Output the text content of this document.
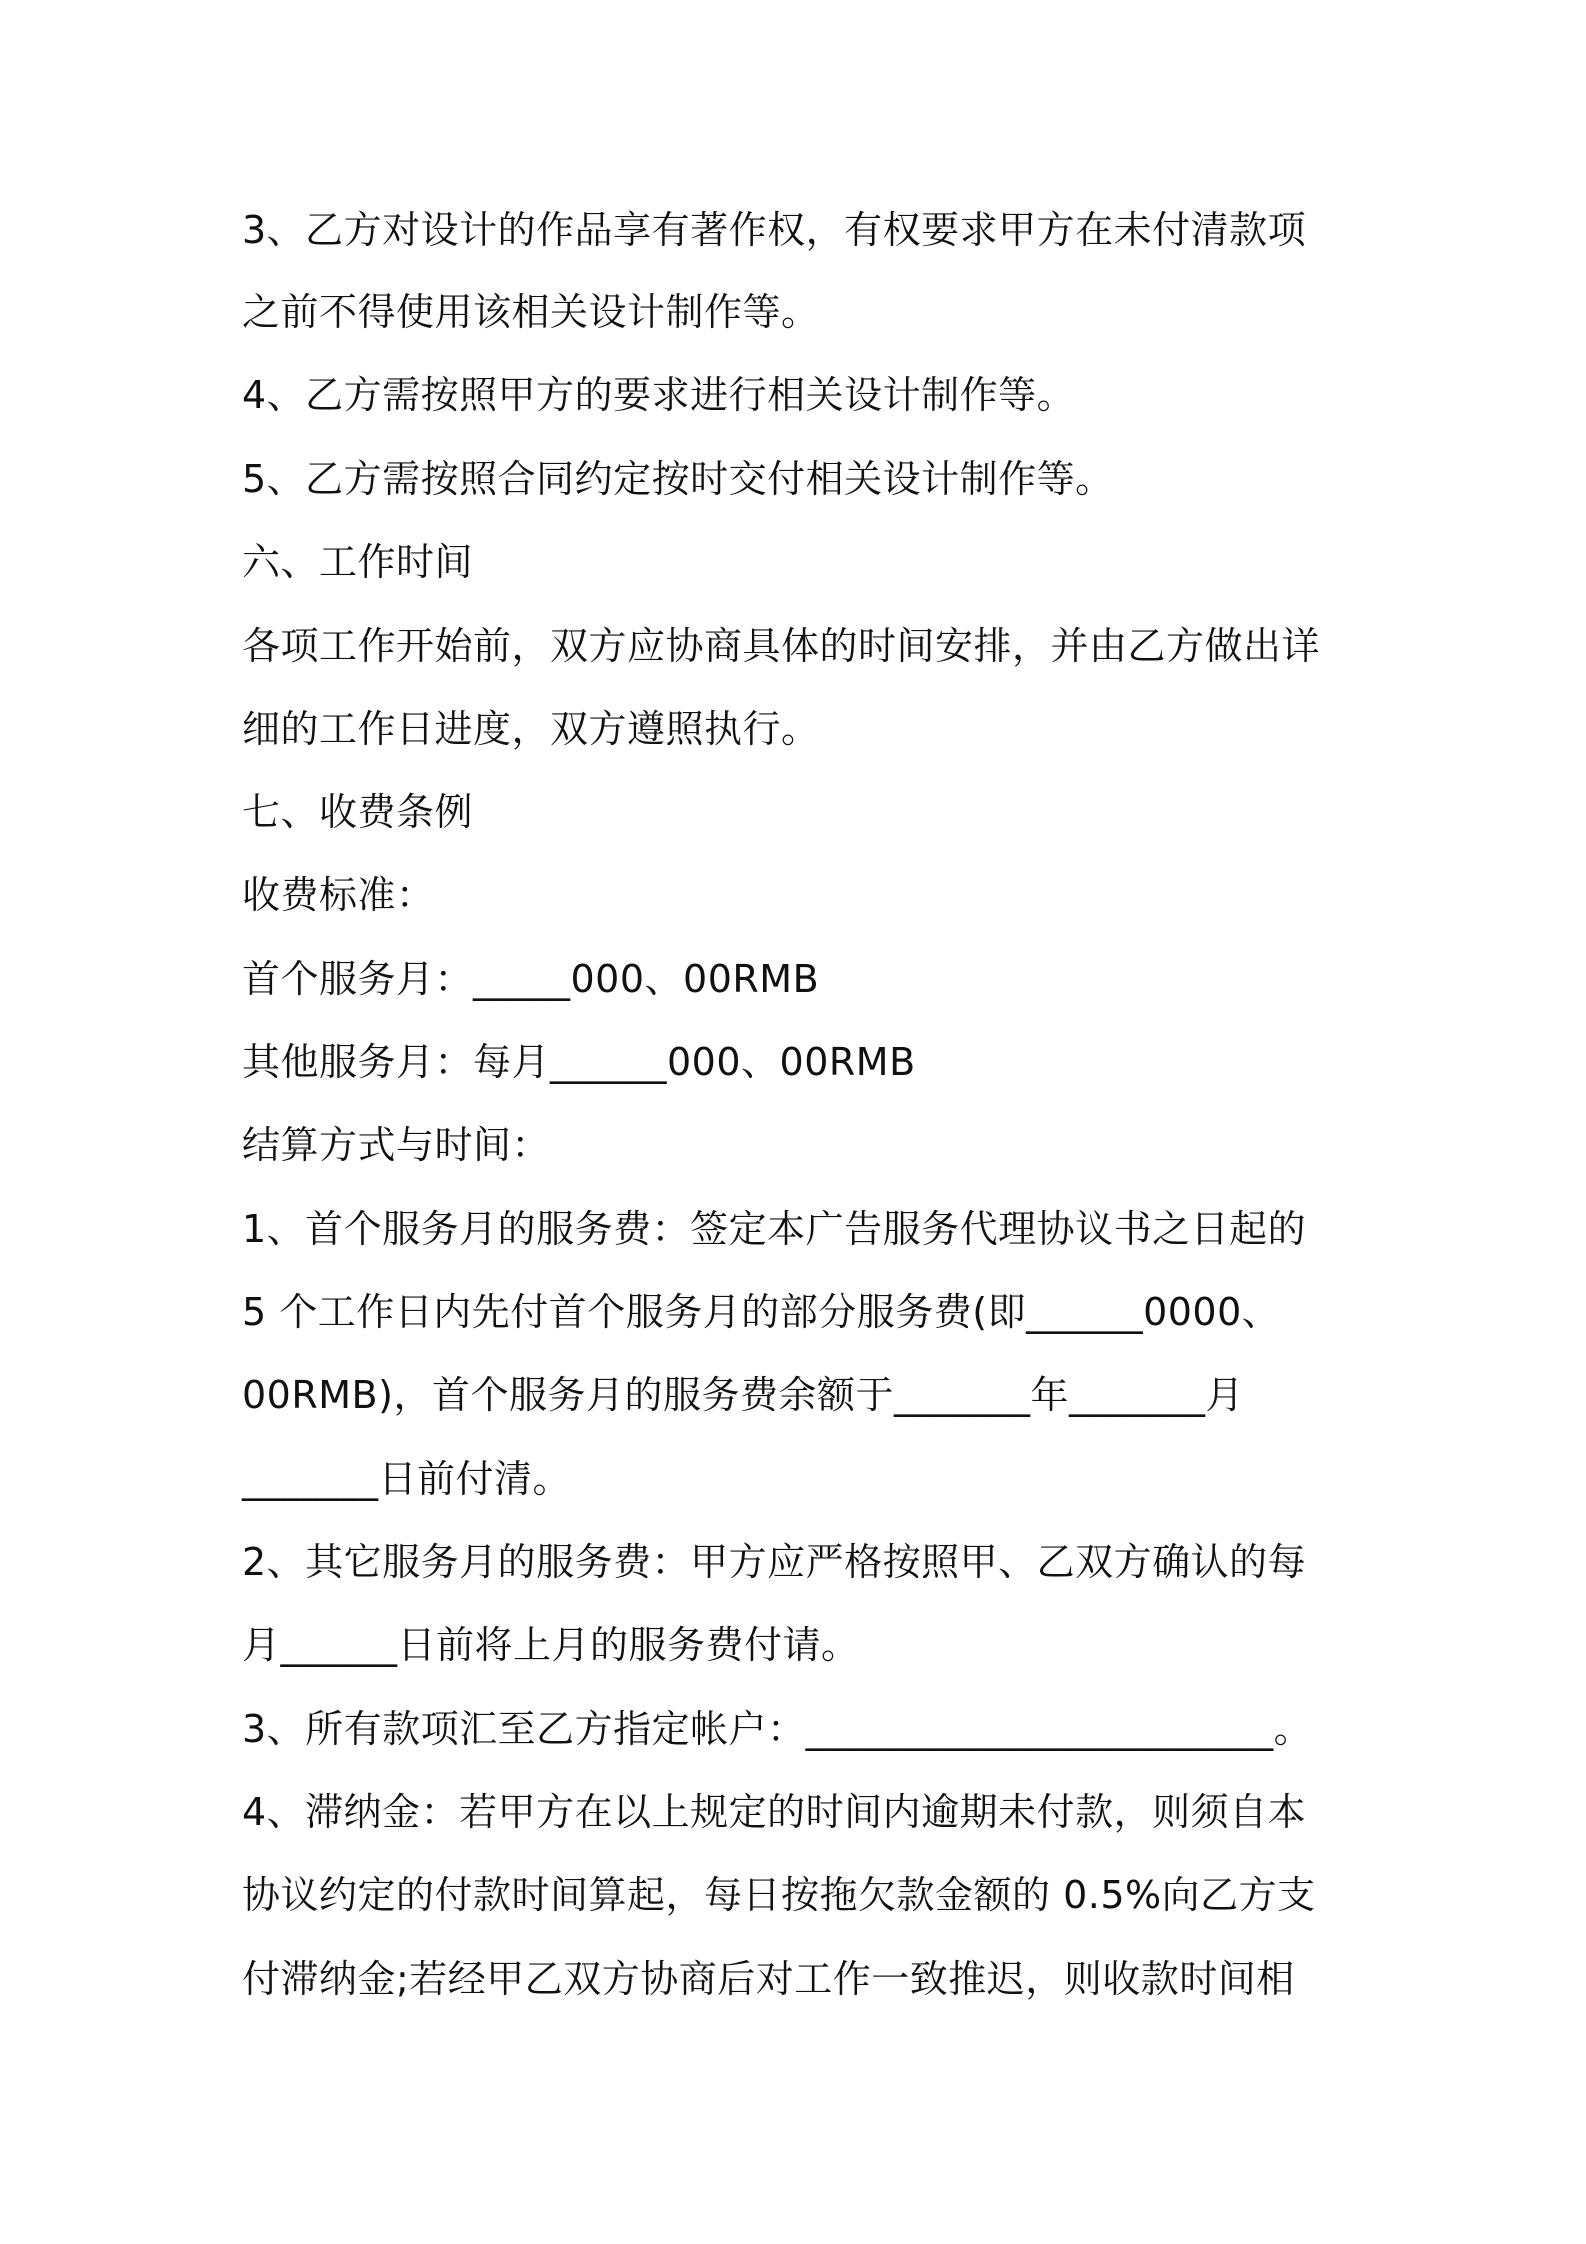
3、乙方对设计的作品享有著作权，有权要求甲方在未付清款项
之前不得使用该相关设计制作等。
4、乙方需按照甲方的要求进行相关设计制作等。
5、乙方需按照合同约定按时交付相关设计制作等。
六、工作时间
各项工作开始前，双方应协商具体的时间安排，并由乙方做出详
细的工作日进度，双方遵照执行。
七、收费条例
收费标准：
首个服务月：_____000、00RMB
其他服务月：每月______000、00RMB
结算方式与时间：
1、首个服务月的服务费：签定本广告服务代理协议书之日起的
5 个工作日内先付首个服务月的部分服务费(即______0000、
00RMB)，首个服务月的服务费余额于_______年_______月
_______日前付清。
2、其它服务月的服务费：甲方应严格按照甲、乙双方确认的每
月______日前将上月的服务费付请。
3、所有款项汇至乙方指定帐户：________________________。
4、滞纳金：若甲方在以上规定的时间内逾期未付款，则须自本
协议约定的付款时间算起，每日按拖欠款金额的 0.5%向乙方支
付滞纳金;若经甲乙双方协商后对工作一致推迟，则收款时间相
